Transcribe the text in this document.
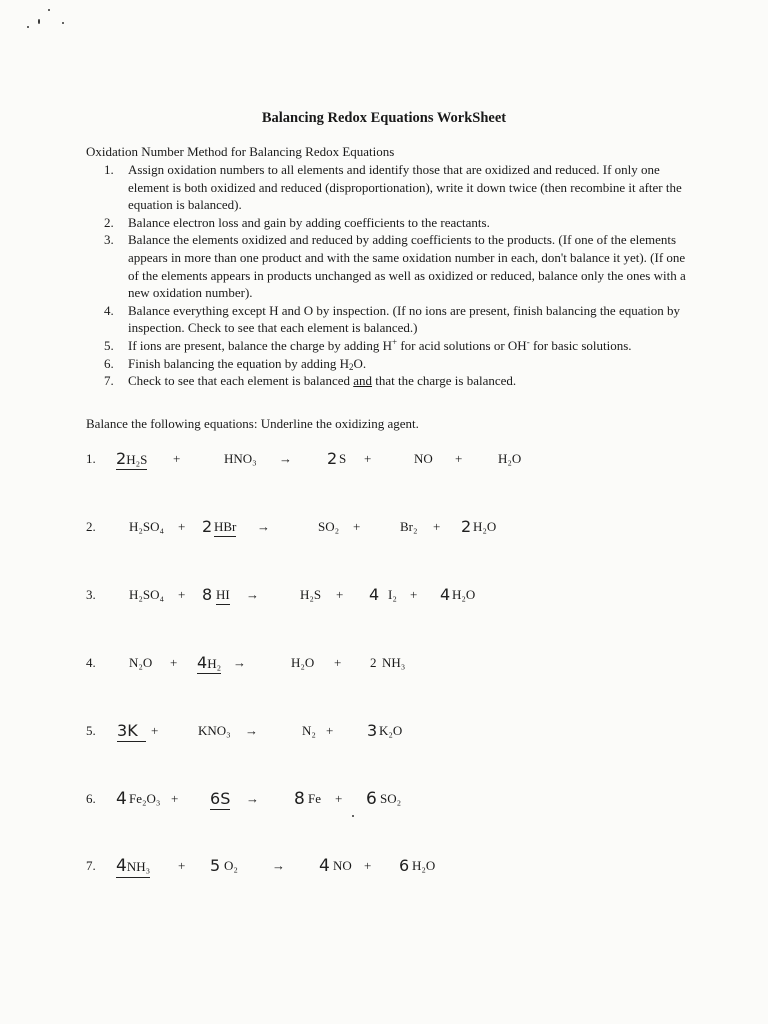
Balancing Redox Equations WorkSheet
Oxidation Number Method for Balancing Redox Equations
1. Assign oxidation numbers to all elements and identify those that are oxidized and reduced. If only one element is both oxidized and reduced (disproportionation), write it down twice (then recombine it after the equation is balanced).
2. Balance electron loss and gain by adding coefficients to the reactants.
3. Balance the elements oxidized and reduced by adding coefficients to the products. (If one of the elements appears in more than one product and with the same oxidation number in each, don't balance it yet). (If one of the elements appears in products unchanged as well as oxidized or reduced, balance only the ones with a new oxidation number).
4. Balance everything except H and O by inspection. (If no ions are present, finish balancing the equation by inspection. Check to see that each element is balanced.)
5. If ions are present, balance the charge by adding H+ for acid solutions or OH- for basic solutions.
6. Finish balancing the equation by adding $H_2O$.
7. Check to see that each element is balanced and that the charge is balanced.
Balance the following equations: Underline the oxidizing agent.
1. 2H₂S +	HNO₃ → 2 S +	NO +	H₂O
2.	H₂SO₄ + 2 HBr →	SO₂ +	Br₂ + 2 H₂O
3.	H₂SO₄ + 8 HI →	H₂S + 4 I₂ + 4 H₂O
4.	N₂O + 4H₂ →	H₂O + 2 NH₃
5. 3K	+	KNO₃ →	N₂ + 3 K₂O
6. 4 Fe₂O₃ + 6S → 8 Fe + 6 SO₂
7. 4NH₃ + 5 O₂	→ 4 NO + 6 H₂O
